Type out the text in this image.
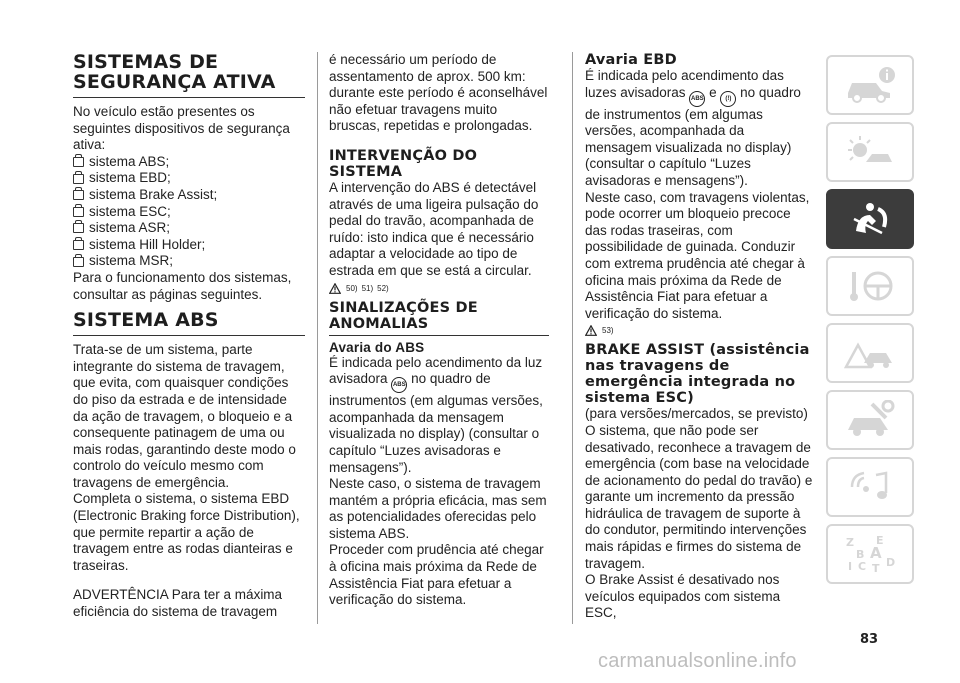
SISTEMAS DE SEGURANÇA ATIVA

No veículo estão presentes os seguintes dispositivos de segurança ativa:

sistema ABS;
sistema EBD;
sistema Brake Assist;
sistema ESC;
sistema ASR;
sistema Hill Holder;
sistema MSR;

Para o funcionamento dos sistemas, consultar as páginas seguintes.

SISTEMA ABS

Trata-se de um sistema, parte integrante do sistema de travagem, que evita, com quaisquer condições do piso da estrada e de intensidade da ação de travagem, o bloqueio e a consequente patinagem de uma ou mais rodas, garantindo deste modo o controlo do veículo mesmo com travagens de emergência.

Completa o sistema, o sistema EBD (Electronic Braking force Distribution), que permite repartir a ação de travagem entre as rodas dianteiras e traseiras.

ADVERTÊNCIA Para ter a máxima eficiência do sistema de travagem

é necessário um período de assentamento de aprox. 500 km: durante este período é aconselhável não efetuar travagens muito bruscas, repetidas e prolongadas.

INTERVENÇÃO DO SISTEMA

A intervenção do ABS é detectável através de uma ligeira pulsação do pedal do travão, acompanhada de ruído: isto indica que é necessário adaptar a velocidade ao tipo de estrada em que se está a circular.

50) 51) 52)
SINALIZAÇÕES DE ANOMALIAS
Avaria do ABS

É indicada pelo acendimento da luz avisadora ABS no quadro de instrumentos (em algumas versões, acompanhada da mensagem visualizada no display) (consultar o capítulo “Luzes avisadoras e mensagens”).

Neste caso, o sistema de travagem mantém a própria eficácia, mas sem as potencialidades oferecidas pelo sistema ABS.

Proceder com prudência até chegar à oficina mais próxima da Rede de Assistência Fiat para efetuar a verificação do sistema.

Avaria EBD

É indicada pelo acendimento das luzes avisadoras ABS e (!) no quadro de instrumentos (em algumas versões, acompanhada da mensagem visualizada no display) (consultar o capítulo “Luzes avisadoras e mensagens”).

Neste caso, com travagens violentas, pode ocorrer um bloqueio precoce das rodas traseiras, com possibilidade de guinada. Conduzir com extrema prudência até chegar à oficina mais próxima da Rede de Assistência Fiat para efetuar a verificação do sistema.

53)
BRAKE ASSIST (assistência nas travagens de emergência integrada no sistema ESC)

(para versões/mercados, se previsto)

O sistema, que não pode ser desativado, reconhece a travagem de emergência (com base na velocidade de acionamento do pedal do travão) e garante um incremento da pressão hidráulica de travagem de suporte à do condutor, permitindo intervenções mais rápidas e firmes do sistema de travagem.

O Brake Assist é desativado nos veículos equipados com sistema ESC,

Z E
B A
I C T D
83
carmanualsonline.info
